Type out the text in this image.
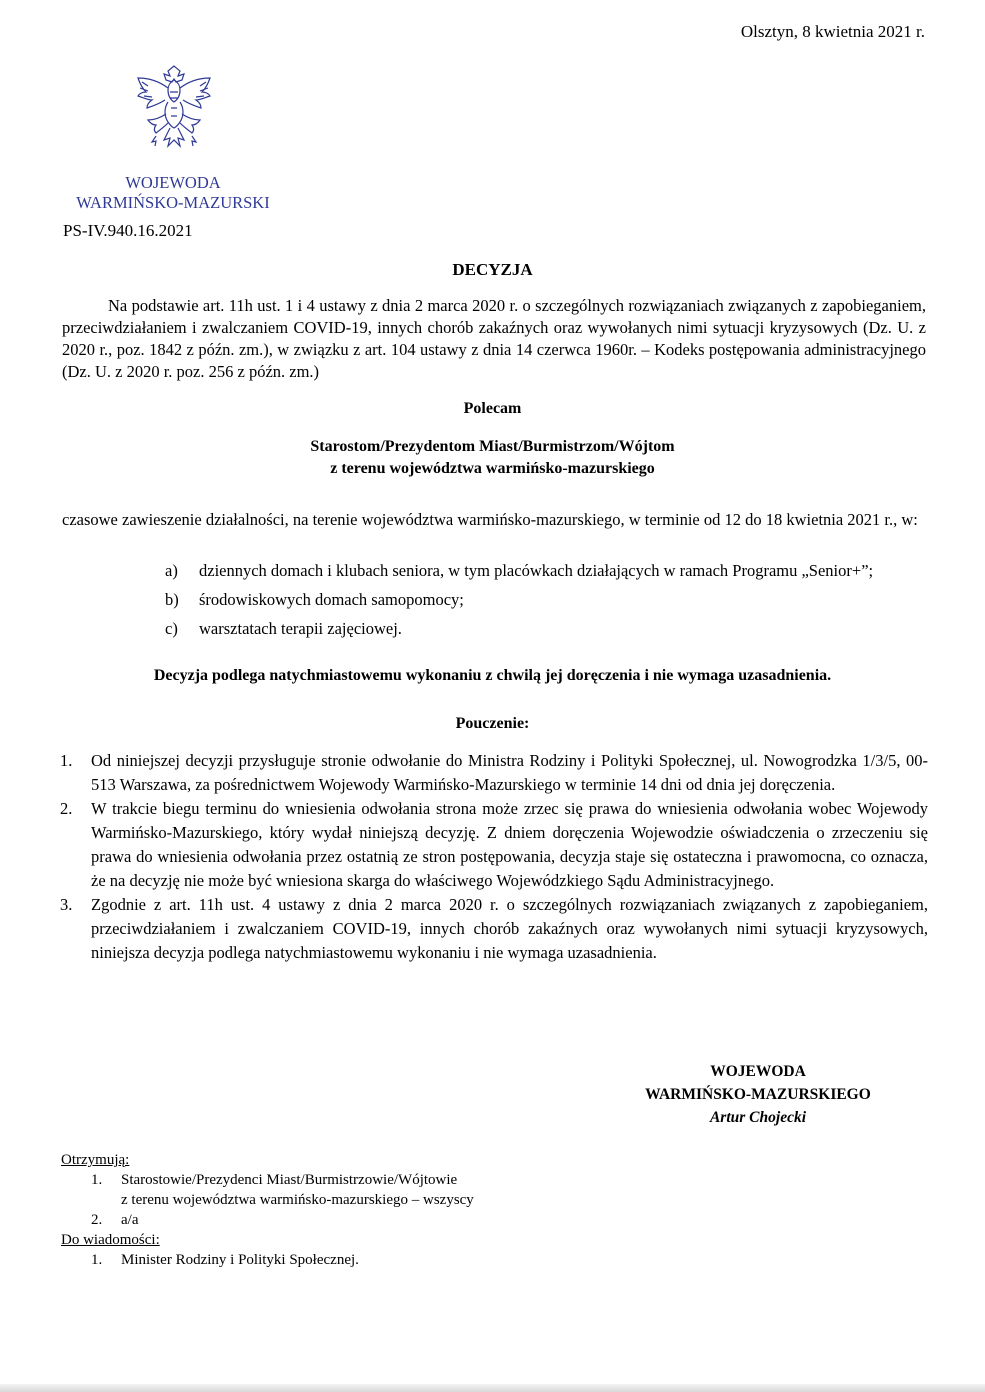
Olsztyn, 8 kwietnia 2021 r.
WOJEWODA
WARMIŃSKO-MAZURSKI
PS-IV.940.16.2021
DECYZJA
Na podstawie art. 11h ust. 1 i 4 ustawy z dnia 2 marca 2020 r. o szczególnych rozwiązaniach związanych z zapobieganiem, przeciwdziałaniem i zwalczaniem COVID-19, innych chorób zakaźnych oraz wywołanych nimi sytuacji kryzysowych (Dz. U. z 2020 r., poz. 1842 z późn. zm.), w związku z art. 104 ustawy z dnia 14 czerwca 1960r. – Kodeks postępowania administracyjnego (Dz. U. z 2020 r. poz. 256 z późn. zm.)
Polecam
Starostom/Prezydentom Miast/Burmistrzom/Wójtom
z terenu województwa warmińsko-mazurskiego
czasowe zawieszenie działalności, na terenie województwa warmińsko-mazurskiego, w terminie od 12 do 18 kwietnia 2021 r., w:
a)	dziennych domach i klubach seniora, w tym placówkach działających w ramach Programu „Senior+”;
b)	środowiskowych domach samopomocy;
c)	warsztatach terapii zajęciowej.
Decyzja podlega natychmiastowemu wykonaniu z chwilą jej doręczenia i nie wymaga uzasadnienia.
Pouczenie:
1.	Od niniejszej decyzji przysługuje stronie odwołanie do Ministra Rodziny i Polityki Społecznej, ul. Nowogrodzka 1/3/5, 00-513 Warszawa, za pośrednictwem Wojewody Warmińsko-Mazurskiego w terminie 14 dni od dnia jej doręczenia.
2.	W trakcie biegu terminu do wniesienia odwołania strona może zrzec się prawa do wniesienia odwołania wobec Wojewody Warmińsko-Mazurskiego, który wydał niniejszą decyzję. Z dniem doręczenia Wojewodzie oświadczenia o zrzeczeniu się prawa do wniesienia odwołania przez ostatnią ze stron postępowania, decyzja staje się ostateczna i prawomocna, co oznacza, że na decyzję nie może być wniesiona skarga do właściwego Wojewódzkiego Sądu Administracyjnego.
3.	Zgodnie z art. 11h ust. 4 ustawy z dnia 2 marca 2020 r. o szczególnych rozwiązaniach związanych z zapobieganiem, przeciwdziałaniem i zwalczaniem COVID-19, innych chorób zakaźnych oraz wywołanych nimi sytuacji kryzysowych, niniejsza decyzja podlega natychmiastowemu wykonaniu i nie wymaga uzasadnienia.
WOJEWODA
WARMIŃSKO-MAZURSKIEGO
Artur Chojecki
Otrzymują:
1.	Starostowie/Prezydenci Miast/Burmistrzowie/Wójtowie
z terenu województwa warmińsko-mazurskiego – wszyscy
2.	a/a
Do wiadomości:
1.	Minister Rodziny i Polityki Społecznej.
